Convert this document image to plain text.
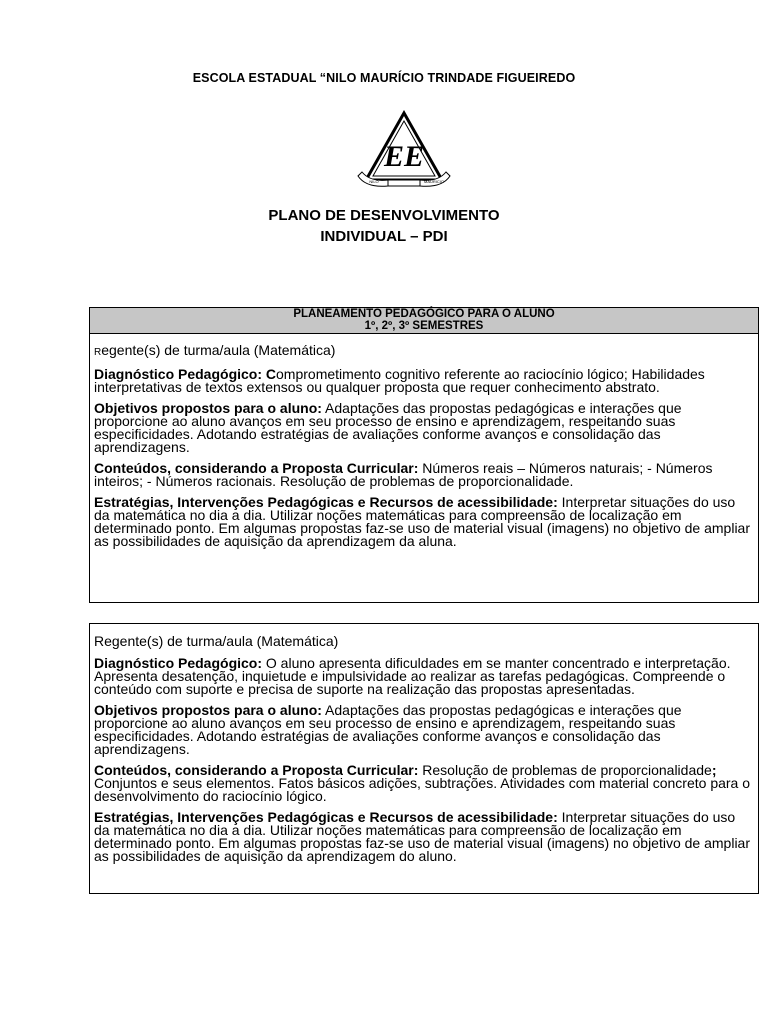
ESCOLA ESTADUAL “NILO MAURÍCIO TRINDADE FIGUEIREDO
EE
NILO	MAURICIO
PLANO DE DESENVOLVIMENTO
INDIVIDUAL – PDI
PLANEAMENTO PEDAGÓGICO PARA O ALUNO
1º, 2º, 3º SEMESTRES

Regente(s) de turma/aula (Matemática)

Diagnóstico Pedagógico: Comprometimento cognitivo referente ao raciocínio lógico; Habilidades interpretativas de textos extensos ou qualquer proposta que requer conhecimento abstrato.

Objetivos propostos para o aluno: Adaptações das propostas pedagógicas e interações que proporcione ao aluno avanços em seu processo de ensino e aprendizagem, respeitando suas especificidades. Adotando estratégias de avaliações conforme avanços e consolidação das aprendizagens.

Conteúdos, considerando a Proposta Curricular: Números reais – Números naturais; - Números inteiros; - Números racionais. Resolução de problemas de proporcionalidade.

Estratégias, Intervenções Pedagógicas e Recursos de acessibilidade: Interpretar situações do uso da matemática no dia a dia. Utilizar noções matemáticas para compreensão de localização em determinado ponto. Em algumas propostas faz-se uso de material visual (imagens) no objetivo de ampliar as possibilidades de aquisição da aprendizagem da aluna.

Regente(s) de turma/aula (Matemática)

Diagnóstico Pedagógico: O aluno apresenta dificuldades em se manter concentrado e interpretação. Apresenta desatenção, inquietude e impulsividade ao realizar as tarefas pedagógicas. Compreende o conteúdo com suporte e precisa de suporte na realização das propostas apresentadas.

Objetivos propostos para o aluno: Adaptações das propostas pedagógicas e interações que proporcione ao aluno avanços em seu processo de ensino e aprendizagem, respeitando suas especificidades. Adotando estratégias de avaliações conforme avanços e consolidação das aprendizagens.

Conteúdos, considerando a Proposta Curricular: Resolução de problemas de proporcionalidade; Conjuntos e seus elementos. Fatos básicos adições, subtrações. Atividades com material concreto para o desenvolvimento do raciocínio lógico.

Estratégias, Intervenções Pedagógicas e Recursos de acessibilidade: Interpretar situações do uso da matemática no dia a dia. Utilizar noções matemáticas para compreensão de localização em determinado ponto. Em algumas propostas faz-se uso de material visual (imagens) no objetivo de ampliar as possibilidades de aquisição da aprendizagem do aluno.
